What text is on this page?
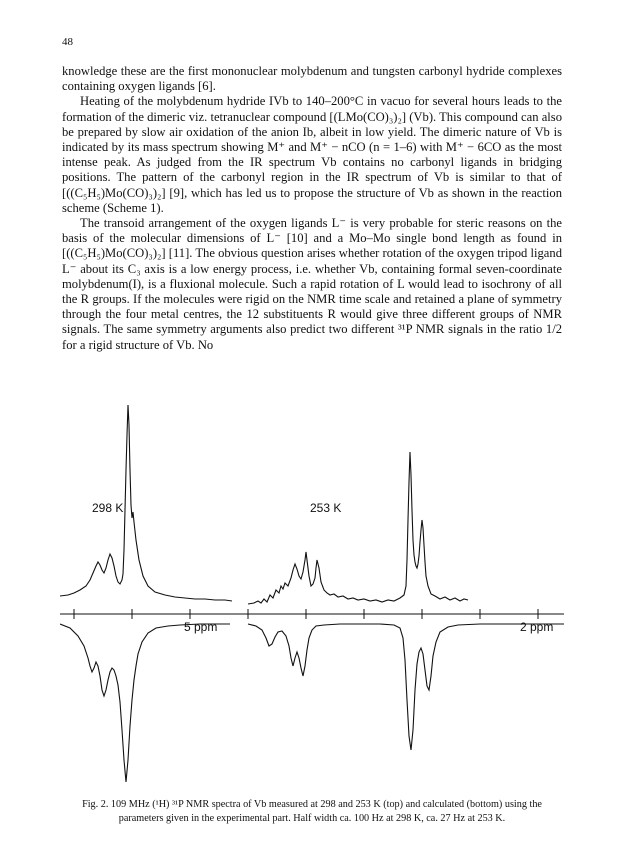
48

knowledge these are the first mononuclear molybdenum and tungsten carbonyl hydride complexes containing oxygen ligands [6].

Heating of the molybdenum hydride IVb to 140–200°C in vacuo for several hours leads to the formation of the dimeric viz. tetranuclear compound [(LMo(CO)₃)₂] (Vb). This compound can also be prepared by slow air oxidation of the anion Ib, albeit in low yield. The dimeric nature of Vb is indicated by its mass spectrum showing M⁺ and M⁺ − nCO (n = 1–6) with M⁺ − 6CO as the most intense peak. As judged from the IR spectrum Vb contains no carbonyl ligands in bridging positions. The pattern of the carbonyl region in the IR spectrum of Vb is similar to that of [((C₅H₅)Mo(CO)₃)₂] [9], which has led us to propose the structure of Vb as shown in the reaction scheme (Scheme 1).

The transoid arrangement of the oxygen ligands L⁻ is very probable for steric reasons on the basis of the molecular dimensions of L⁻ [10] and a Mo–Mo single bond length as found in [((C₅H₅)Mo(CO)₃)₂] [11]. The obvious question arises whether rotation of the oxygen tripod ligand L⁻ about its C₃ axis is a low energy process, i.e. whether Vb, containing formal seven-coordinate molybdenum(I), is a fluxional molecule. Such a rapid rotation of L would lead to isochrony of all the R groups. If the molecules were rigid on the NMR time scale and retained a plane of symmetry through the four metal centres, the 12 substituents R would give three different groups of NMR signals. The same symmetry arguments also predict two different ³¹P NMR signals in the ratio 1/2 for a rigid structure of Vb. No

298 K	253 K
5 ppm	2 ppm
Fig. 2. 109 MHz (¹H) ³¹P NMR spectra of Vb measured at 298 and 253 K (top) and calculated (bottom) using the parameters given in the experimental part. Half width ca. 100 Hz at 298 K, ca. 27 Hz at 253 K.
